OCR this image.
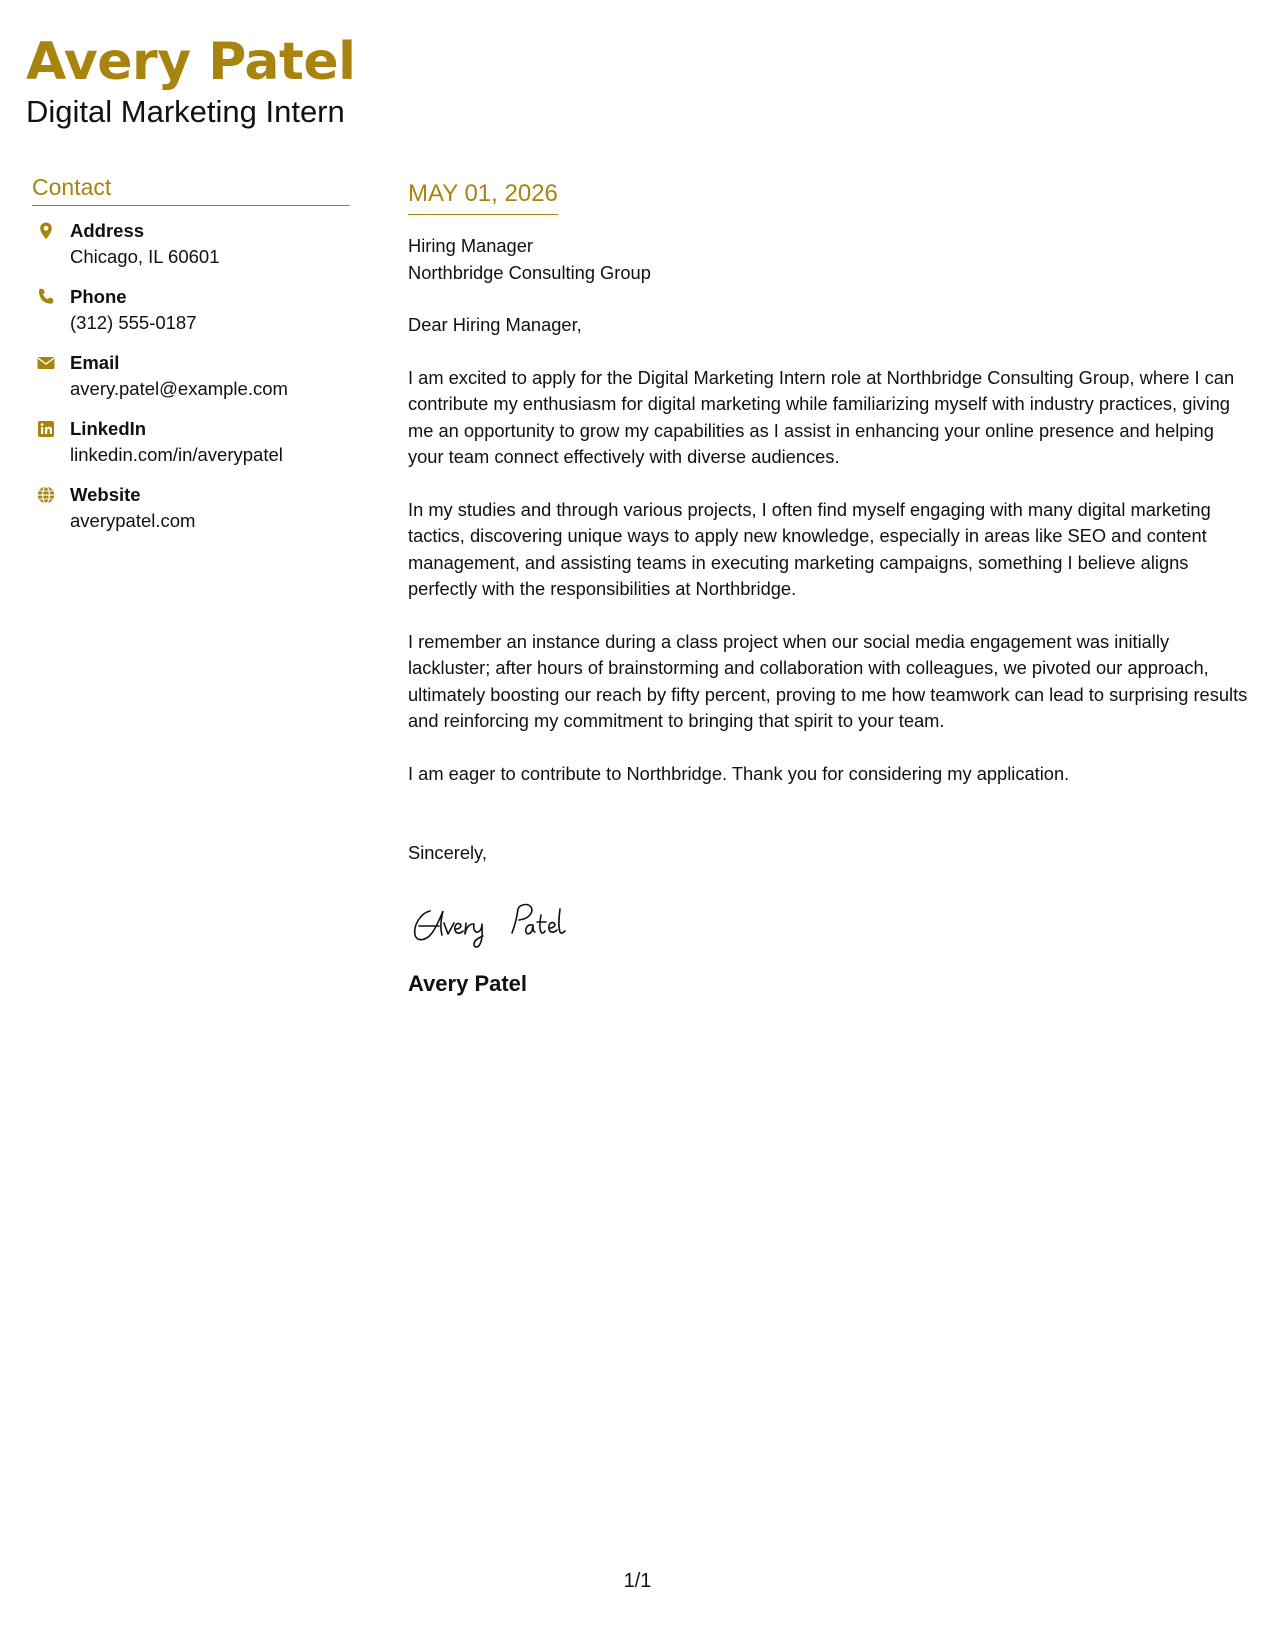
Avery Patel
Digital Marketing Intern
Contact
Address
Chicago, IL 60601
Phone
(312) 555-0187
Email
avery.patel@example.com
LinkedIn
linkedin.com/in/averypatel
Website
averypatel.com
MAY 01, 2026
Hiring Manager
Northbridge Consulting Group
Dear Hiring Manager,
I am excited to apply for the Digital Marketing Intern role at Northbridge Consulting Group, where I can contribute my enthusiasm for digital marketing while familiarizing myself with industry practices, giving me an opportunity to grow my capabilities as I assist in enhancing your online presence and helping your team connect effectively with diverse audiences.
In my studies and through various projects, I often find myself engaging with many digital marketing tactics, discovering unique ways to apply new knowledge, especially in areas like SEO and content management, and assisting teams in executing marketing campaigns, something I believe aligns perfectly with the responsibilities at Northbridge.
I remember an instance during a class project when our social media engagement was initially lackluster; after hours of brainstorming and collaboration with colleagues, we pivoted our approach, ultimately boosting our reach by fifty percent, proving to me how teamwork can lead to surprising results and reinforcing my commitment to bringing that spirit to your team.
I am eager to contribute to Northbridge. Thank you for considering my application.
Sincerely,
Avery Patel
1/1
